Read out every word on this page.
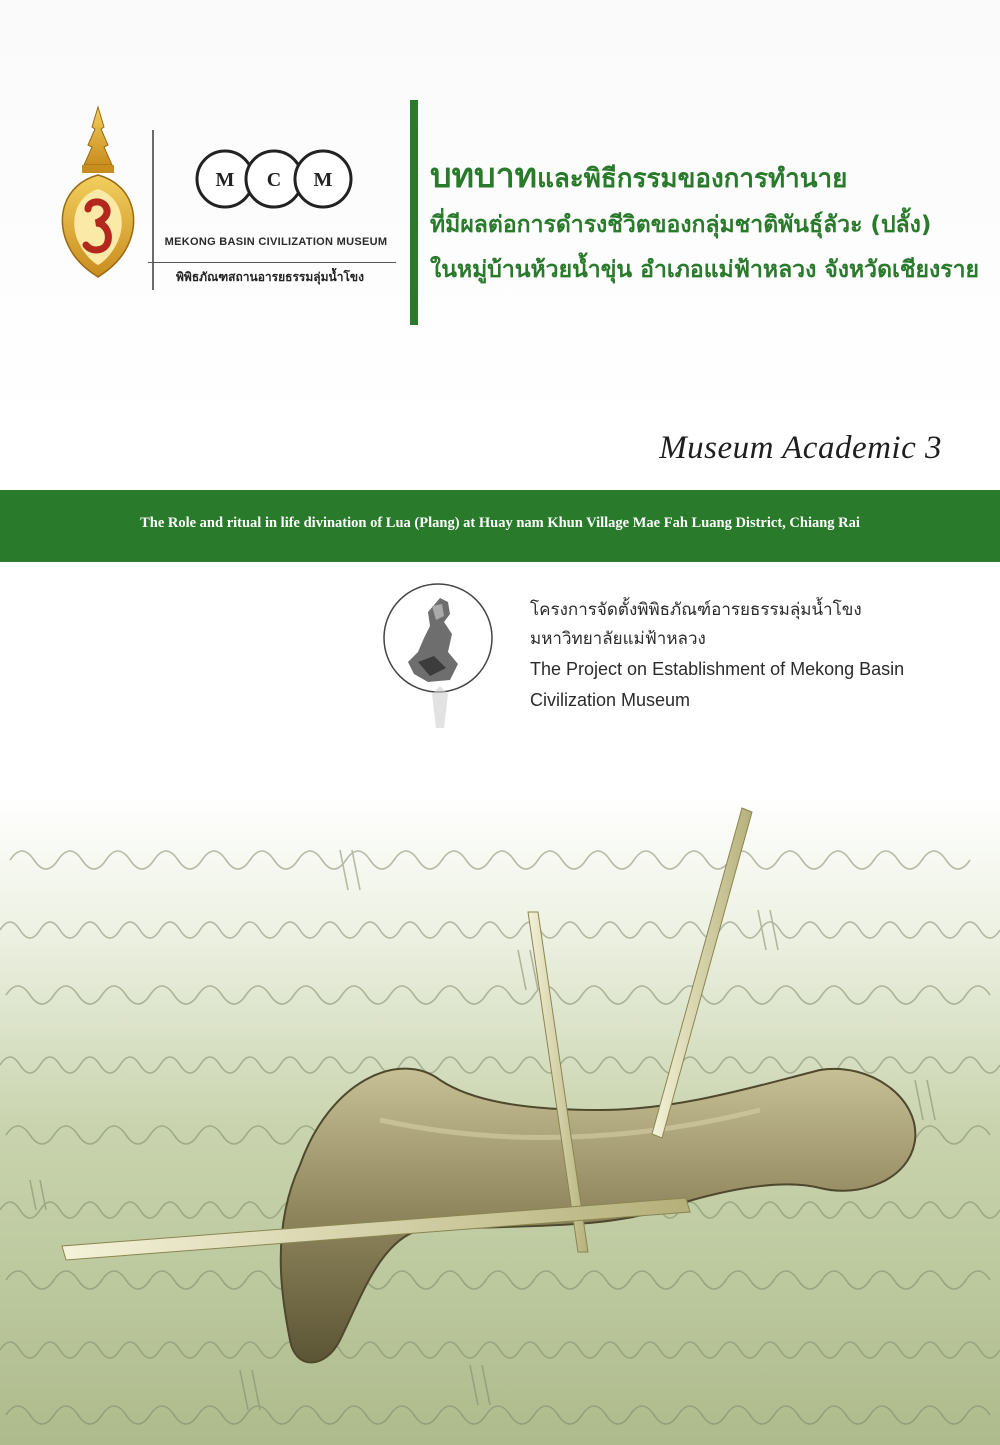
M C M
MEKONG BASIN CIVILIZATION MUSEUM
พิพิธภัณฑสถานอารยธรรมลุ่มน้ำโขง
บทบาทและพิธีกรรมของการทำนาย
ที่มีผลต่อการดำรงชีวิตของกลุ่มชาติพันธุ์ลัวะ (ปลั้ง)
ในหมู่บ้านห้วยน้ำขุ่น อำเภอแม่ฟ้าหลวง จังหวัดเชียงราย
Museum Academic 3
The Role and ritual in life divination of Lua (Plang) at Huay nam Khun Village Mae Fah Luang District, Chiang Rai
โครงการจัดตั้งพิพิธภัณฑ์อารยธรรมลุ่มน้ำโขง
มหาวิทยาลัยแม่ฟ้าหลวง
The Project on Establishment of Mekong Basin
Civilization Museum
